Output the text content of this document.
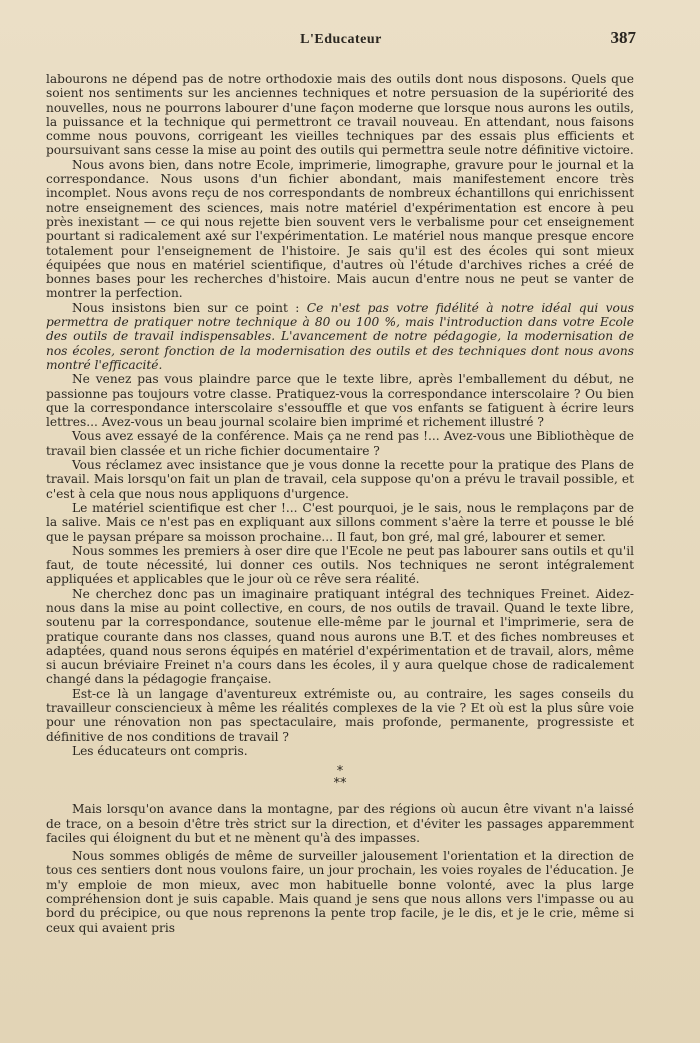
L'Educateur	387

labourons ne dépend pas de notre orthodoxie mais des outils dont nous disposons. Quels que soient nos sentiments sur les anciennes techniques et notre persuasion de la supériorité des nouvelles, nous ne pourrons labourer d'une façon moderne que lorsque nous aurons les outils, la puissance et la technique qui permettront ce travail nouveau. En attendant, nous faisons comme nous pouvons, corrigeant les vieilles techniques par des essais plus efficients et poursuivant sans cesse la mise au point des outils qui permettra seule notre définitive victoire.

Nous avons bien, dans notre Ecole, imprimerie, limographe, gravure pour le journal et la correspondance. Nous usons d'un fichier abondant, mais manifestement encore très incomplet. Nous avons reçu de nos correspondants de nombreux échantillons qui enrichissent notre enseignement des sciences, mais notre matériel d'expérimentation est encore à peu près inexistant — ce qui nous rejette bien souvent vers le verbalisme pour cet enseignement pourtant si radicalement axé sur l'expérimentation. Le matériel nous manque presque encore totalement pour l'enseignement de l'histoire. Je sais qu'il est des écoles qui sont mieux équipées que nous en matériel scientifique, d'autres où l'étude d'archives riches a créé de bonnes bases pour les recherches d'histoire. Mais aucun d'entre nous ne peut se vanter de montrer la perfection.

Nous insistons bien sur ce point : Ce n'est pas votre fidélité à notre idéal qui vous permettra de pratiquer notre technique à 80 ou 100 %, mais l'introduction dans votre Ecole des outils de travail indispensables. L'avancement de notre pédagogie, la modernisation de nos écoles, seront fonction de la modernisation des outils et des techniques dont nous avons montré l'efficacité.

Ne venez pas vous plaindre parce que le texte libre, après l'emballement du début, ne passionne pas toujours votre classe. Pratiquez-vous la correspondance interscolaire ? Ou bien que la correspondance interscolaire s'essouffle et que vos enfants se fatiguent à écrire leurs lettres... Avez-vous un beau journal scolaire bien imprimé et richement illustré ?

Vous avez essayé de la conférence. Mais ça ne rend pas !... Avez-vous une Bibliothèque de travail bien classée et un riche fichier documentaire ?

Vous réclamez avec insistance que je vous donne la recette pour la pratique des Plans de travail. Mais lorsqu'on fait un plan de travail, cela suppose qu'on a prévu le travail possible, et c'est à cela que nous nous appliquons d'urgence.

Le matériel scientifique est cher !... C'est pourquoi, je le sais, nous le remplaçons par de la salive. Mais ce n'est pas en expliquant aux sillons comment s'aère la terre et pousse le blé que le paysan prépare sa moisson prochaine... Il faut, bon gré, mal gré, labourer et semer.

Nous sommes les premiers à oser dire que l'Ecole ne peut pas labourer sans outils et qu'il faut, de toute nécessité, lui donner ces outils. Nos techniques ne seront intégralement appliquées et applicables que le jour où ce rêve sera réalité.

Ne cherchez donc pas un imaginaire pratiquant intégral des techniques Freinet. Aidez-nous dans la mise au point collective, en cours, de nos outils de travail. Quand le texte libre, soutenu par la correspondance, soutenue elle-même par le journal et l'imprimerie, sera de pratique courante dans nos classes, quand nous aurons une B.T. et des fiches nombreuses et adaptées, quand nous serons équipés en matériel d'expérimentation et de travail, alors, même si aucun bréviaire Freinet n'a cours dans les écoles, il y aura quelque chose de radicalement changé dans la pédagogie française.

Est-ce là un langage d'aventureux extrémiste ou, au contraire, les sages conseils du travailleur consciencieux à même les réalités complexes de la vie ? Et où est la plus sûre voie pour une rénovation non pas spectaculaire, mais profonde, permanente, progressiste et définitive de nos conditions de travail ?

Les éducateurs ont compris.

*
**

Mais lorsqu'on avance dans la montagne, par des régions où aucun être vivant n'a laissé de trace, on a besoin d'être très strict sur la direction, et d'éviter les passages apparemment faciles qui éloignent du but et ne mènent qu'à des impasses.

Nous sommes obligés de même de surveiller jalousement l'orientation et la direction de tous ces sentiers dont nous voulons faire, un jour prochain, les voies royales de l'éducation. Je m'y emploie de mon mieux, avec mon habituelle bonne volonté, avec la plus large compréhension dont je suis capable. Mais quand je sens que nous allons vers l'impasse ou au bord du précipice, ou que nous reprenons la pente trop facile, je le dis, et je le crie, même si ceux qui avaient pris
